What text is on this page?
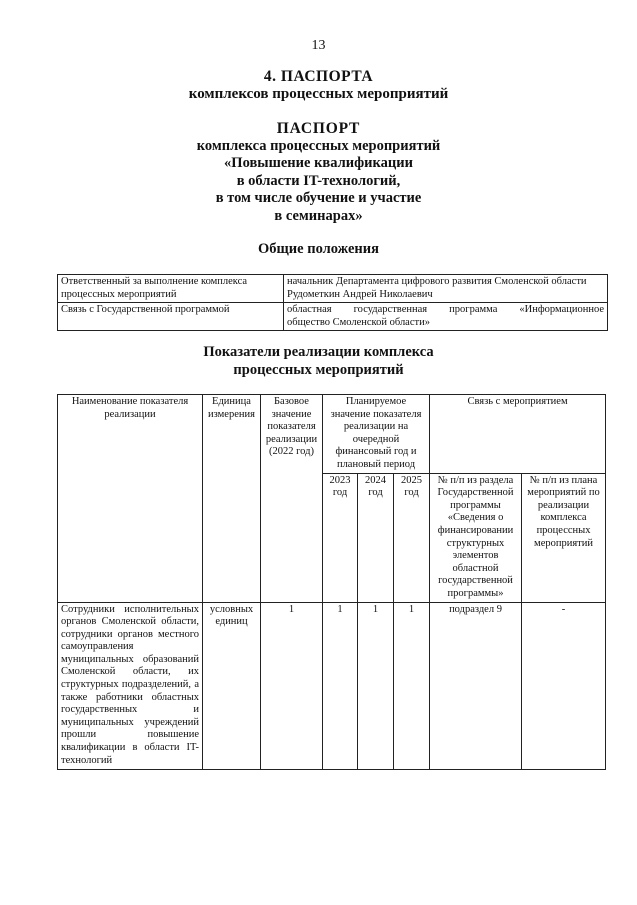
13
4. ПАСПОРТА
комплексов процессных мероприятий
ПАСПОРТ
комплекса процессных мероприятий
«Повышение квалификации
в области IT-технологий,
в том числе обучение и участие
в семинарах»
Общие положения
Ответственный за выполнение комплекса процессных мероприятий	начальник Департамента цифрового развития Смоленской области Рудометкин Андрей Николаевич
Связь с Государственной программой	областная государственная программа «Информационное
общество Смоленской области»
Показатели реализации комплекса
процессных мероприятий
Наименование показателя реализации	Единица измерения	Базовое значение показателя реализации (2022 год)	Планируемое значение показателя реализации на очередной финансовый год и плановый период			Связь с мероприятием	
			2023 год	2024 год	2025 год	№ п/п из раздела Государственной программы «Сведения о финансировании структурных элементов областной государственной программы»	№ п/п из плана мероприятий по реализации комплекса процессных мероприятий
Сотрудники исполнительных органов Смоленской области, сотрудники органов местного самоуправления муниципальных образований Смоленской области, их структурных подразделений, а также работники областных государственных и муниципальных учреждений прошли повышение квалификации в области IT-технологий	условных единиц	1	1	1	1	подраздел 9	-
